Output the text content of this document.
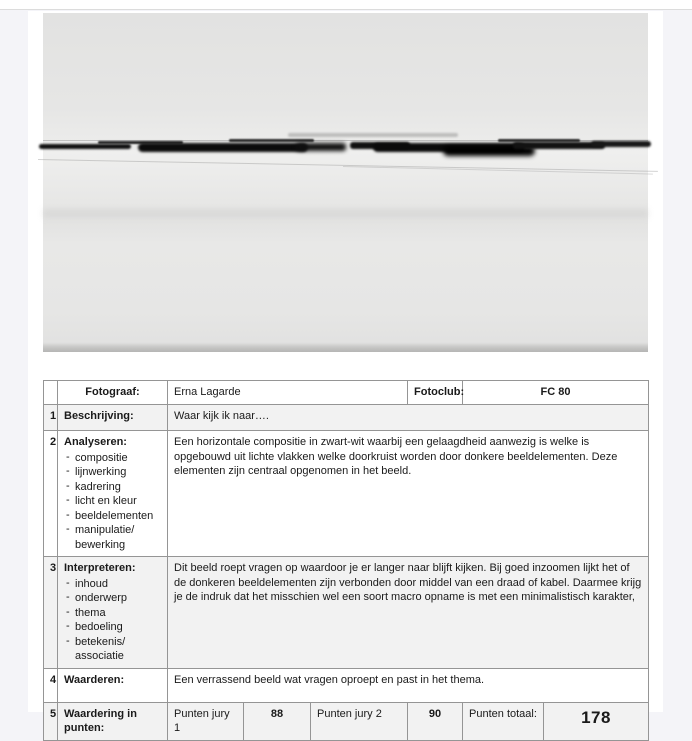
	Fotograaf:	Erna Lagarde			Fotoclub:	FC 80	
1	Beschrijving:	Waar kijk ik naar….					
2	Analyseren:
- compositie
- lijnwerking
- kadrering
- licht en kleur
- beeldelementen
- manipulatie/ bewerking
	Een horizontale compositie in zwart-wit waarbij een gelaagdheid aanwezig is welke is opgebouwd uit lichte vlakken welke doorkruist worden door donkere beeldelementen. Deze elementen zijn centraal opgenomen in het beeld.
3	Interpreteren:
- inhoud
- onderwerp
- thema
- bedoeling
- betekenis/ associatie
	Dit beeld roept vragen op waardoor je er langer naar blijft kijken. Bij goed inzoomen lijkt het of de donkeren beeldelementen zijn verbonden door middel van een draad of kabel. Daarmee krijg je de indruk dat het misschien wel een soort macro opname is met een minimalistisch karakter,
4	Waarderen:	Een verrassend beeld wat vragen oproept en past in het thema.					
5	Waardering in punten:	Punten jury 1	88	Punten jury 2	90	Punten totaal:	178
